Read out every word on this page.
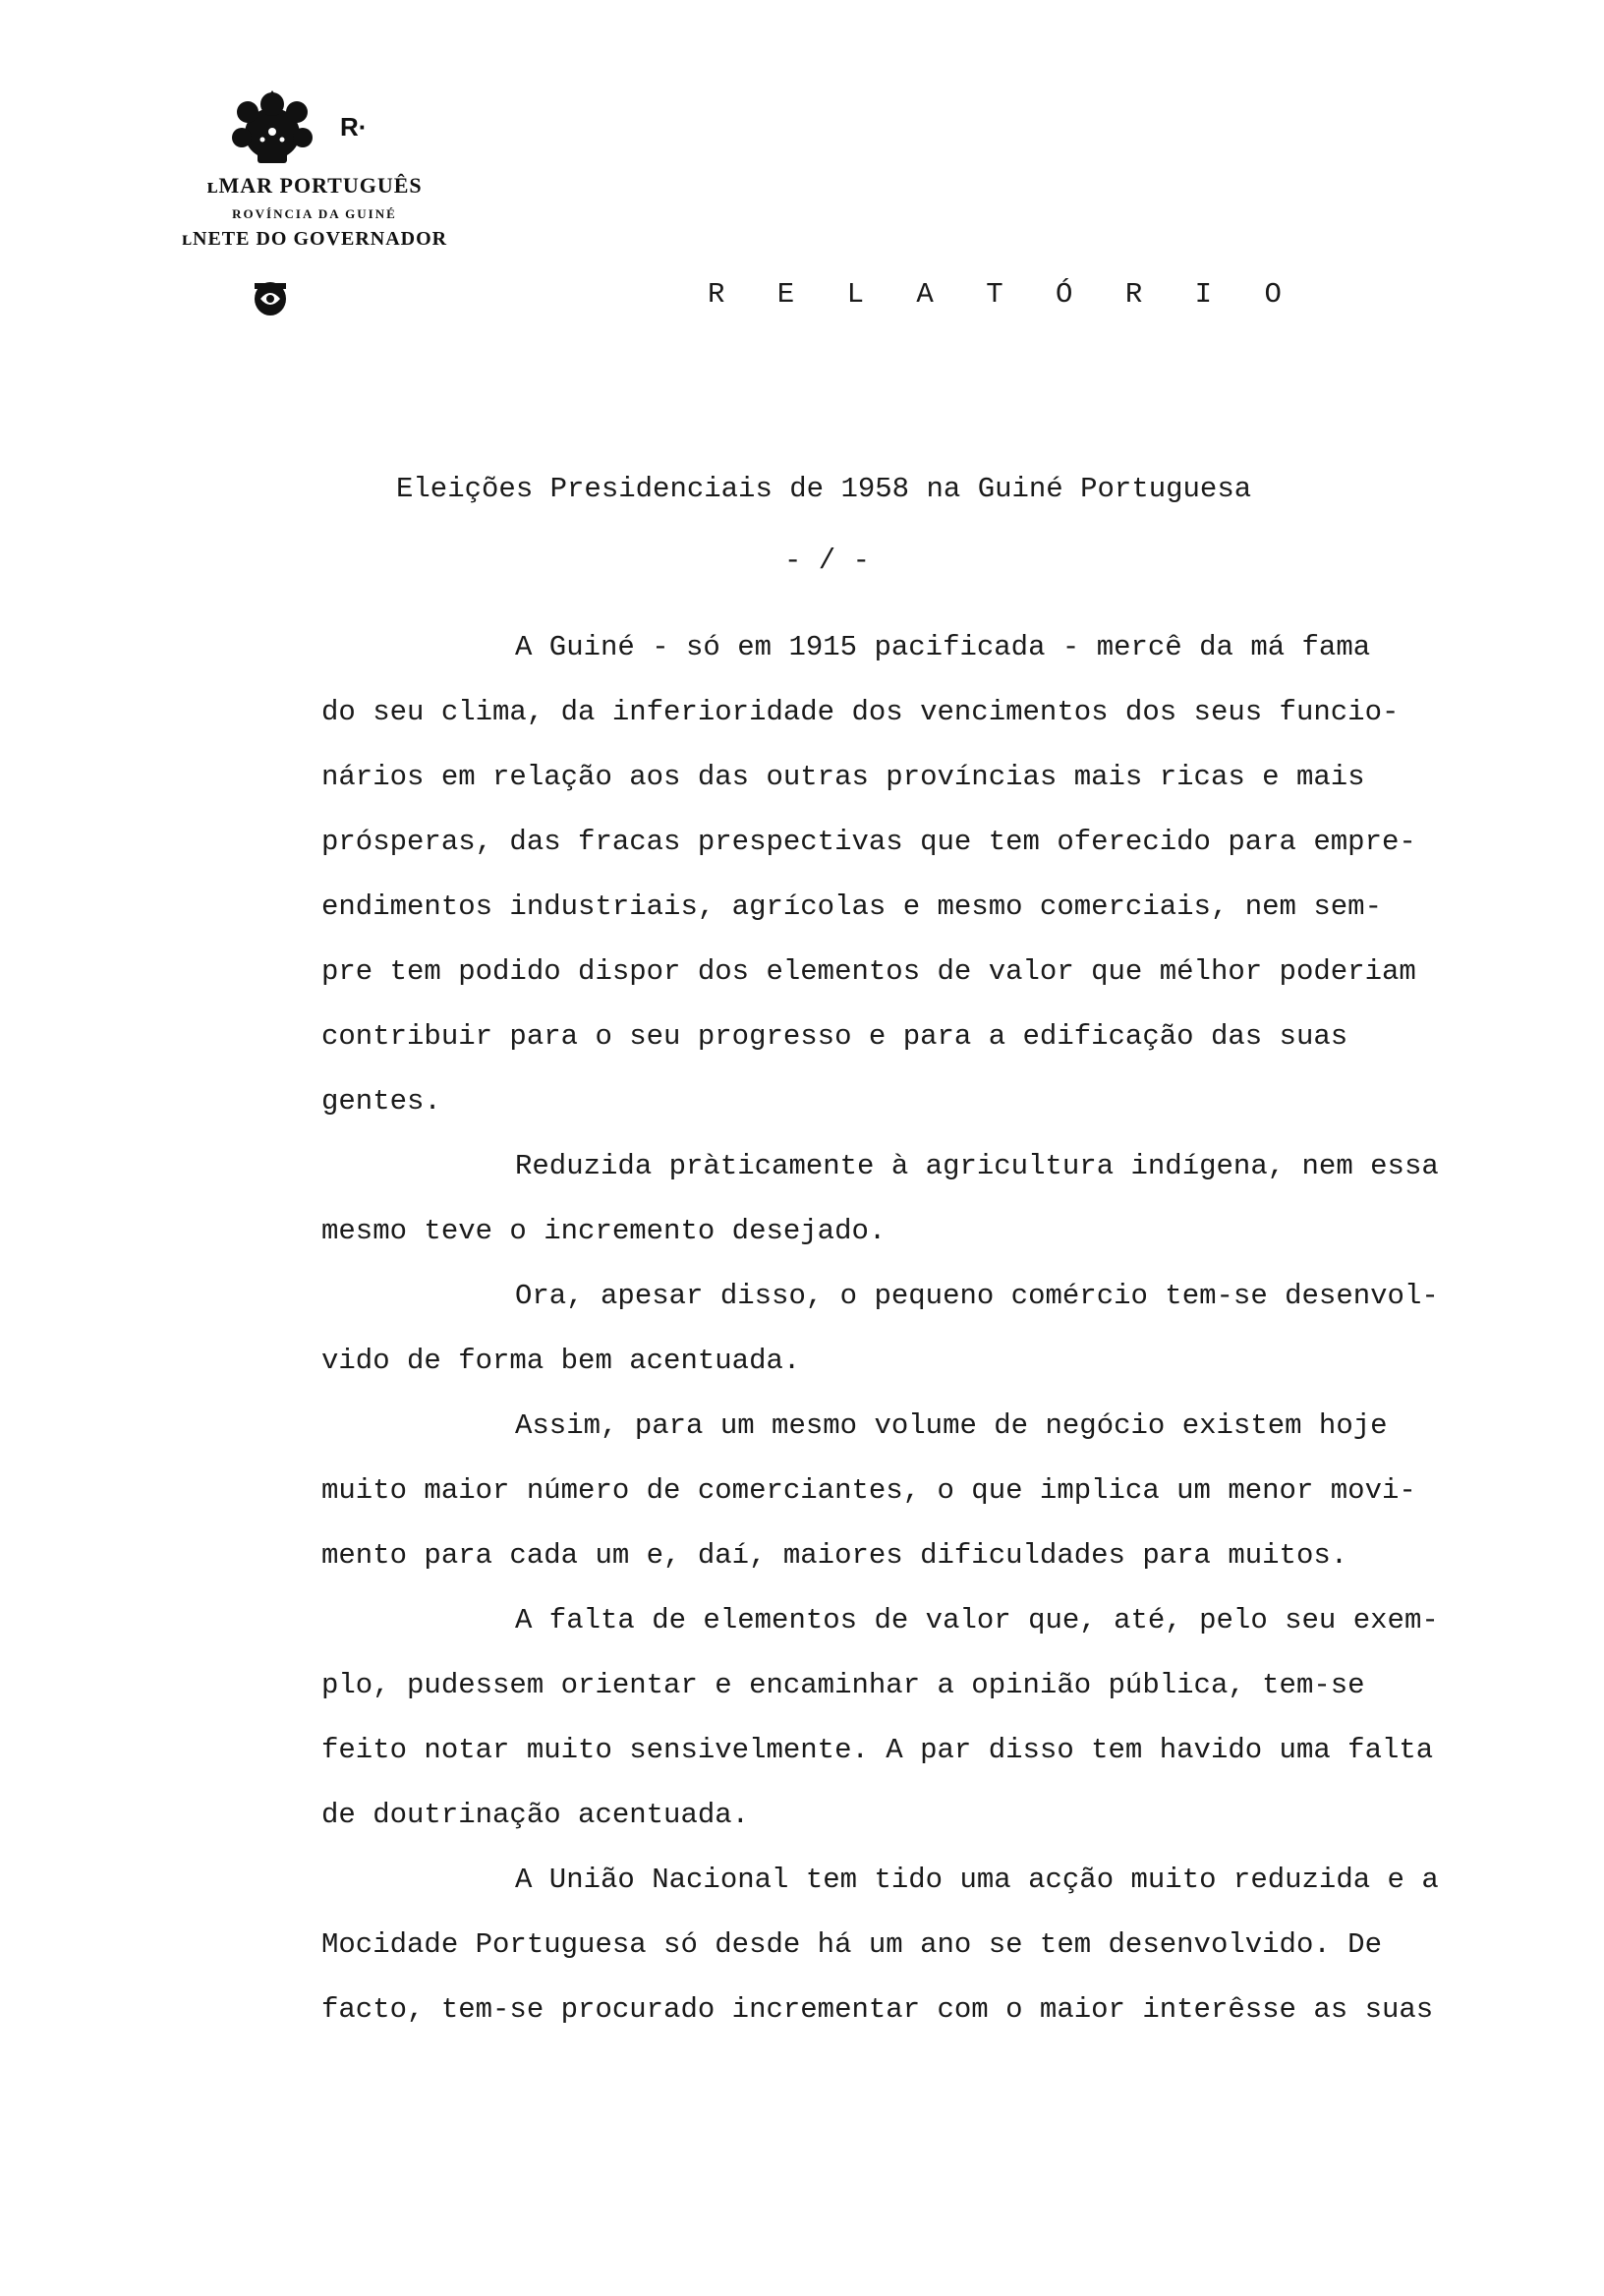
R·
ʟMAR PORTUGUÊS
ROVÍNCIA DA GUINÉ
ʟNETE DO GOVERNADOR
R E L A T Ó R I O
Eleições Presidenciais de 1958 na Guiné Portuguesa
- / -
A Guiné - só em 1915 pacificada - mercê da má fama
do seu clima, da inferioridade dos vencimentos dos seus funcio-
nários em relação aos das outras províncias mais ricas e mais
prósperas, das fracas prespectivas que tem oferecido para empre-
endimentos industriais, agrícolas e mesmo comerciais, nem sem-
pre tem podido dispor dos elementos de valor que mélhor poderiam
contribuir para o seu progresso e para a edificação das suas
gentes.
Reduzida pràticamente à agricultura indígena, nem essa
mesmo teve o incremento desejado.
Ora, apesar disso, o pequeno comércio tem-se desenvol-
vido de forma bem acentuada.
Assim, para um mesmo volume de negócio existem hoje
muito maior número de comerciantes, o que implica um menor movi-
mento para cada um e, daí, maiores dificuldades para muitos.
A falta de elementos de valor que, até, pelo seu exem-
plo, pudessem orientar e encaminhar a opinião pública, tem-se
feito notar muito sensivelmente. A par disso tem havido uma falta
de doutrinação acentuada.
A União Nacional tem tido uma acção muito reduzida e a
Mocidade Portuguesa só desde há um ano se tem desenvolvido. De
facto, tem-se procurado incrementar com o maior interêsse as suas
